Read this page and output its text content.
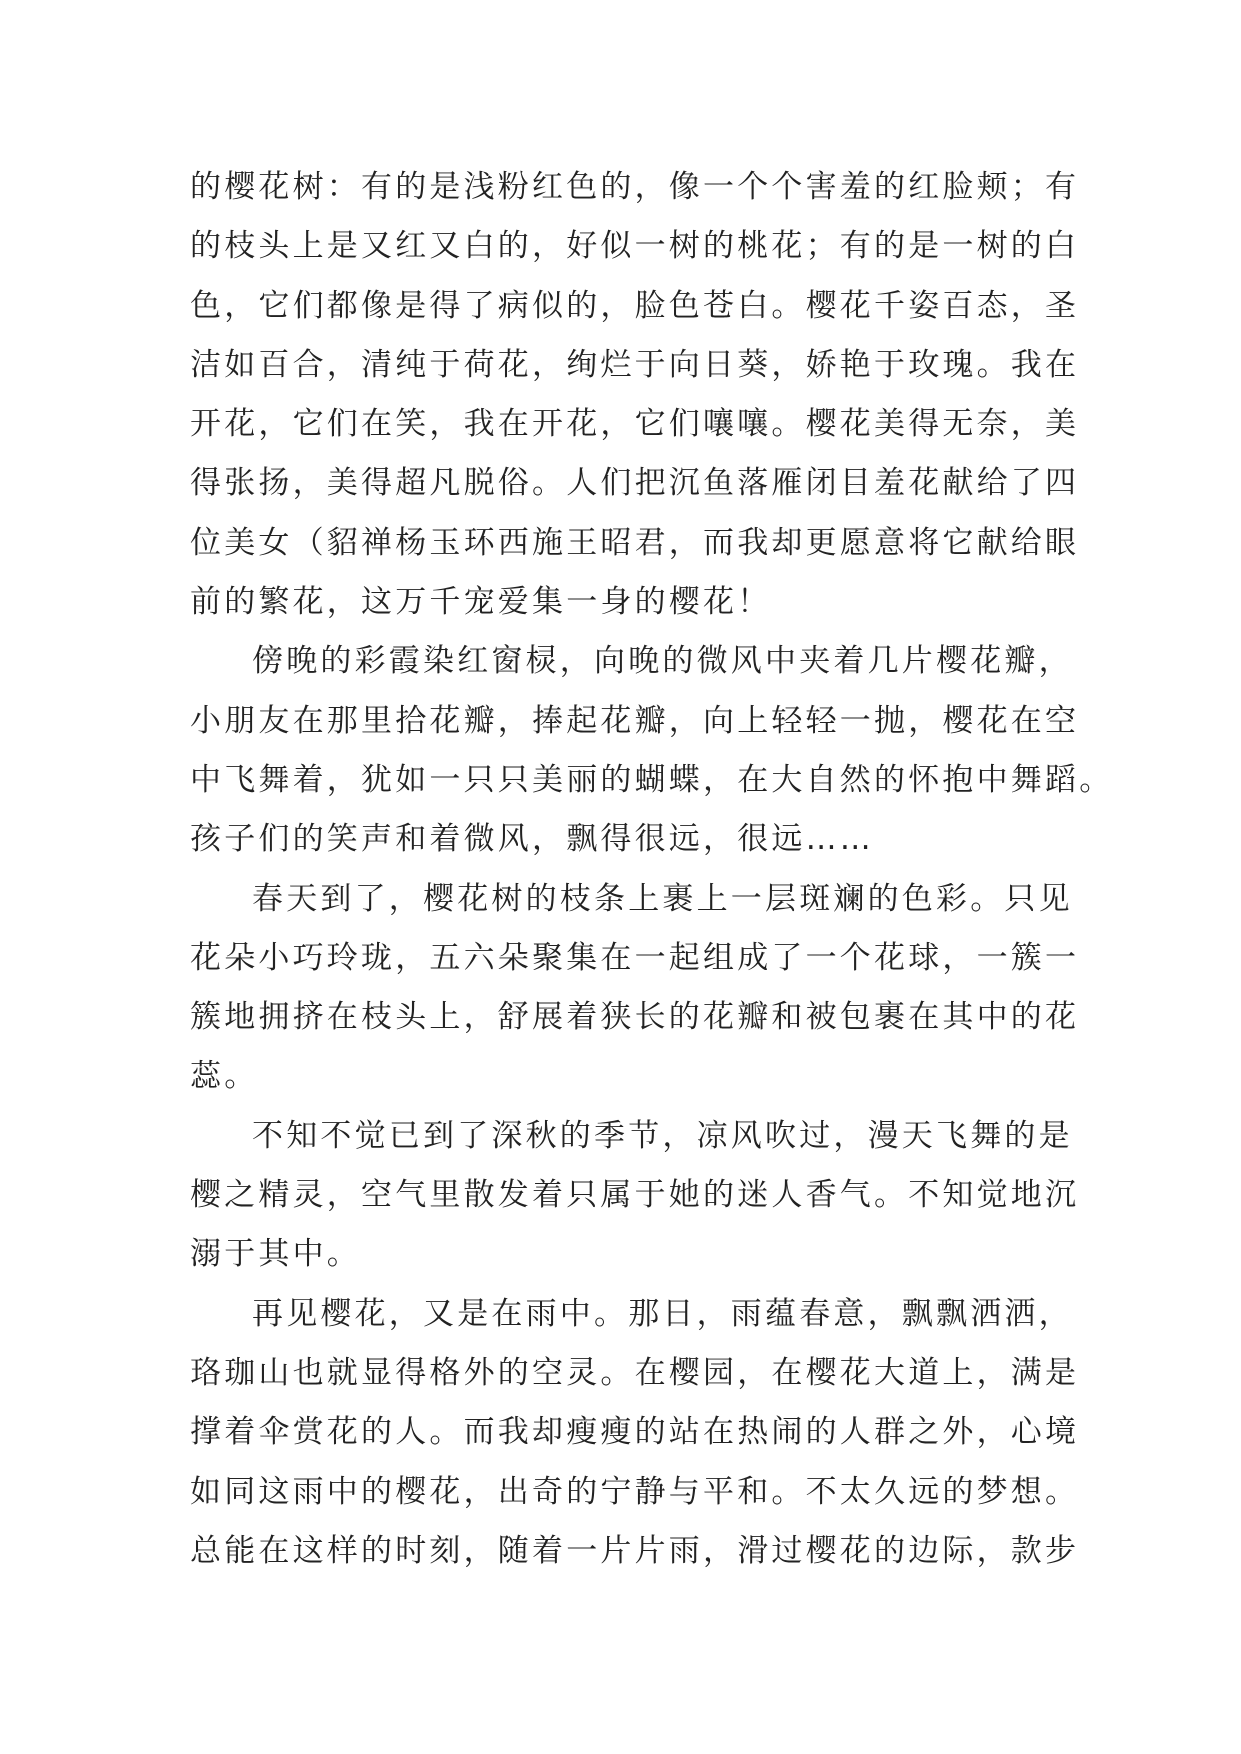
的樱花树：有的是浅粉红色的，像一个个害羞的红脸颊；有
的枝头上是又红又白的，好似一树的桃花；有的是一树的白
色，它们都像是得了病似的，脸色苍白。樱花千姿百态，圣
洁如百合，清纯于荷花，绚烂于向日葵，娇艳于玫瑰。我在
开花，它们在笑，我在开花，它们嚷嚷。樱花美得无奈，美
得张扬，美得超凡脱俗。人们把沉鱼落雁闭目羞花献给了四
位美女（貂禅杨玉环西施王昭君，而我却更愿意将它献给眼
前的繁花，这万千宠爱集一身的樱花！
傍晚的彩霞染红窗棂，向晚的微风中夹着几片樱花瓣，
小朋友在那里拾花瓣，捧起花瓣，向上轻轻一抛，樱花在空
中飞舞着，犹如一只只美丽的蝴蝶，在大自然的怀抱中舞蹈。
孩子们的笑声和着微风，飘得很远，很远……
春天到了，樱花树的枝条上裹上一层斑斓的色彩。只见
花朵小巧玲珑，五六朵聚集在一起组成了一个花球，一簇一
簇地拥挤在枝头上，舒展着狭长的花瓣和被包裹在其中的花
蕊。
不知不觉已到了深秋的季节，凉风吹过，漫天飞舞的是
樱之精灵，空气里散发着只属于她的迷人香气。不知觉地沉
溺于其中。
再见樱花，又是在雨中。那日，雨蕴春意，飘飘洒洒，
珞珈山也就显得格外的空灵。在樱园，在樱花大道上，满是
撑着伞赏花的人。而我却瘦瘦的站在热闹的人群之外，心境
如同这雨中的樱花，出奇的宁静与平和。不太久远的梦想。
总能在这样的时刻，随着一片片雨，滑过樱花的边际，款步
